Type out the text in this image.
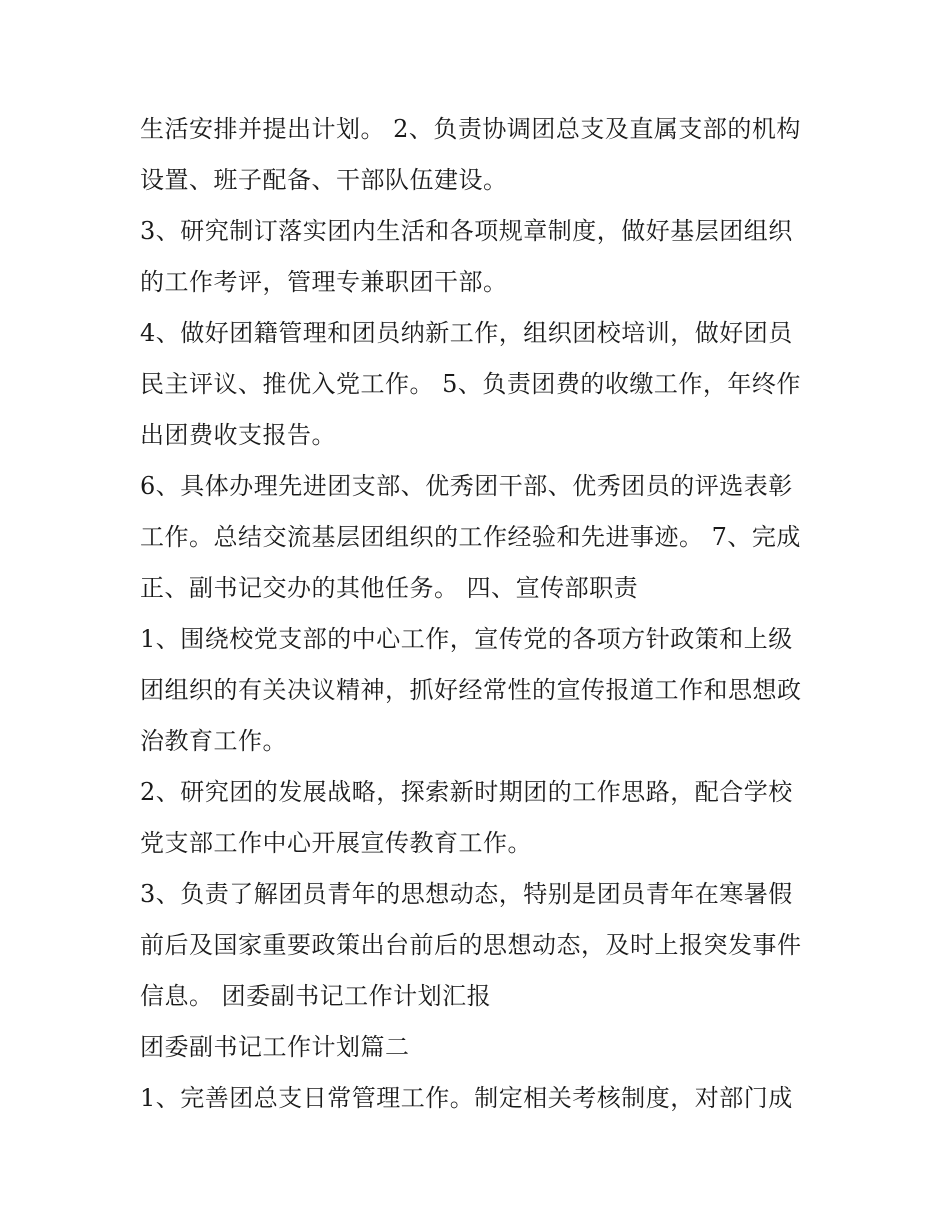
生活安排并提出计划。 2、负责协调团总支及直属支部的机构
设置、班子配备、干部队伍建设。
3、研究制订落实团内生活和各项规章制度，做好基层团组织
的工作考评，管理专兼职团干部。
4、做好团籍管理和团员纳新工作，组织团校培训，做好团员
民主评议、推优入党工作。 5、负责团费的收缴工作，年终作
出团费收支报告。
6、具体办理先进团支部、优秀团干部、优秀团员的评选表彰
工作。总结交流基层团组织的工作经验和先进事迹。 7、完成
正、副书记交办的其他任务。 四、宣传部职责
1、围绕校党支部的中心工作，宣传党的各项方针政策和上级
团组织的有关决议精神，抓好经常性的宣传报道工作和思想政
治教育工作。
2、研究团的发展战略，探索新时期团的工作思路，配合学校
党支部工作中心开展宣传教育工作。
3、负责了解团员青年的思想动态，特别是团员青年在寒暑假
前后及国家重要政策出台前后的思想动态，及时上报突发事件
信息。 团委副书记工作计划汇报
团委副书记工作计划篇二
1、完善团总支日常管理工作。制定相关考核制度，对部门成
